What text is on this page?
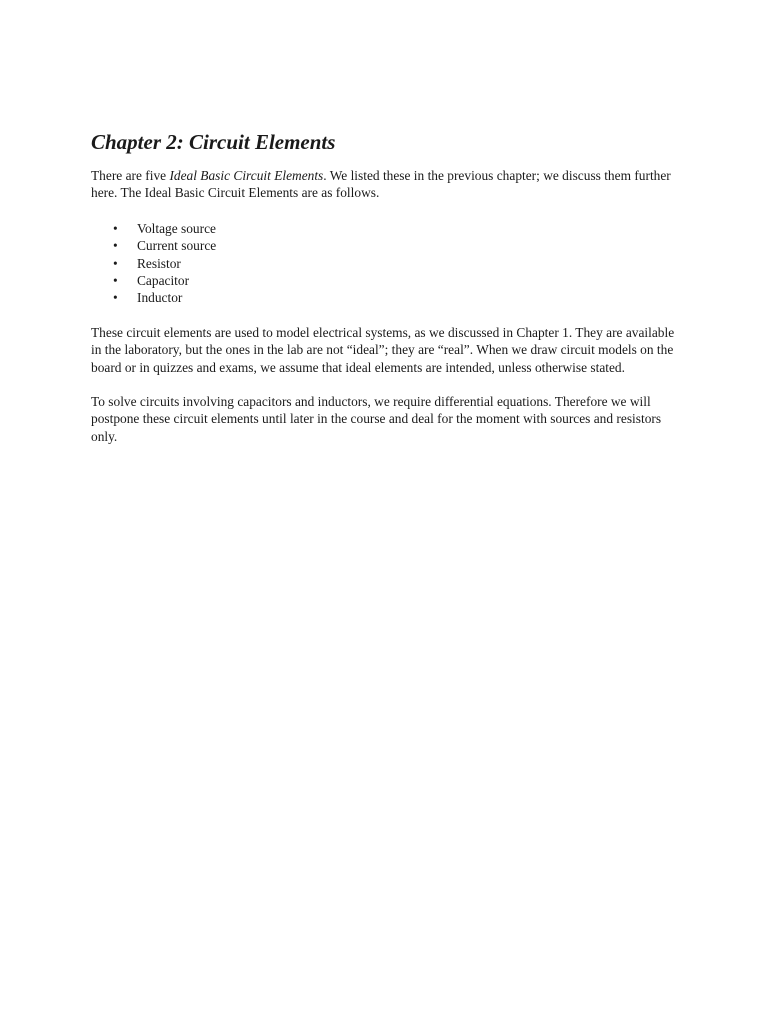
Chapter 2: Circuit Elements

There are five Ideal Basic Circuit Elements. We listed these in the previous chapter; we discuss them further here. The Ideal Basic Circuit Elements are as follows.

• Voltage source
• Current source
• Resistor
• Capacitor
• Inductor

These circuit elements are used to model electrical systems, as we discussed in Chapter 1. They are available in the laboratory, but the ones in the lab are not “ideal”; they are “real”. When we draw circuit models on the board or in quizzes and exams, we assume that ideal elements are intended, unless otherwise stated.

To solve circuits involving capacitors and inductors, we require differential equations. Therefore we will postpone these circuit elements until later in the course and deal for the moment with sources and resistors only.
